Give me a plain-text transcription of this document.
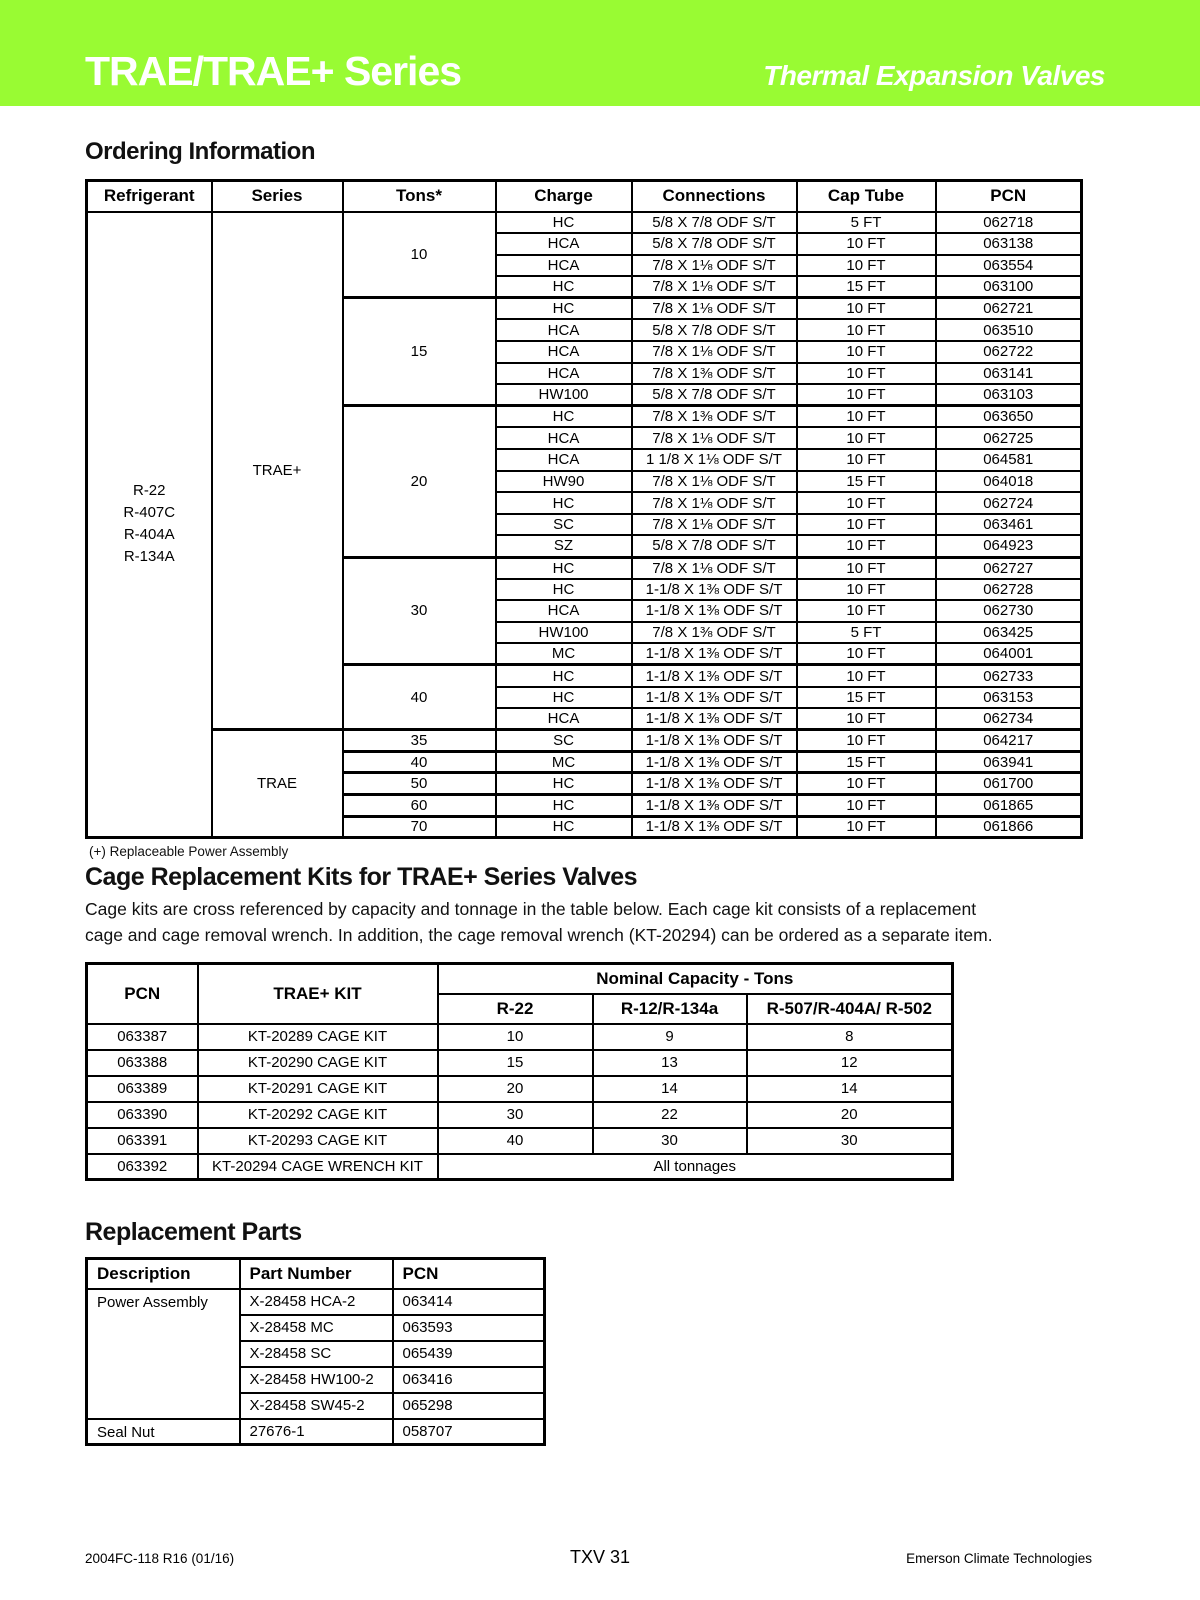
TRAE/TRAE+ Series	Thermal Expansion Valves
Ordering Information
Refrigerant	Series	Tons*	Charge	Connections	Cap Tube	PCN

R-22
R-407C
R-404A
R-134A	TRAE+	10	HC	5/8 X 7/8 ODF S/T	5 FT	062718
			HCA	5/8 X 7/8 ODF S/T	10 FT	063138
			HCA	7/8 X 1⅛ ODF S/T	10 FT	063554
			HC	7/8 X 1⅛ ODF S/T	15 FT	063100
		15	HC	7/8 X 1⅛ ODF S/T	10 FT	062721
			HCA	5/8 X 7/8 ODF S/T	10 FT	063510
			HCA	7/8 X 1⅛ ODF S/T	10 FT	062722
			HCA	7/8 X 1⅜ ODF S/T	10 FT	063141
			HW100	5/8 X 7/8 ODF S/T	10 FT	063103
		20	HC	7/8 X 1⅜ ODF S/T	10 FT	063650
			HCA	7/8 X 1⅛ ODF S/T	10 FT	062725
			HCA	1 1/8 X 1⅛ ODF S/T	10 FT	064581
			HW90	7/8 X 1⅛ ODF S/T	15 FT	064018
			HC	7/8 X 1⅛ ODF S/T	10 FT	062724
			SC	7/8 X 1⅛ ODF S/T	10 FT	063461
			SZ	5/8 X 7/8 ODF S/T	10 FT	064923
		30	HC	7/8 X 1⅛ ODF S/T	10 FT	062727
			HC	1-1/8 X 1⅜ ODF S/T	10 FT	062728
			HCA	1-1/8 X 1⅜ ODF S/T	10 FT	062730
			HW100	7/8 X 1⅜ ODF S/T	5 FT	063425
			MC	1-1/8 X 1⅜ ODF S/T	10 FT	064001
		40	HC	1-1/8 X 1⅜ ODF S/T	10 FT	062733
			HC	1-1/8 X 1⅜ ODF S/T	15 FT	063153
			HCA	1-1/8 X 1⅜ ODF S/T	10 FT	062734
	TRAE	35	SC	1-1/8 X 1⅜ ODF S/T	10 FT	064217
		40	MC	1-1/8 X 1⅜ ODF S/T	15 FT	063941
		50	HC	1-1/8 X 1⅜ ODF S/T	10 FT	061700
		60	HC	1-1/8 X 1⅜ ODF S/T	10 FT	061865
		70	HC	1-1/8 X 1⅜ ODF S/T	10 FT	061866
(+) Replaceable Power Assembly
Cage Replacement Kits for TRAE+ Series Valves
Cage kits are cross referenced by capacity and tonnage in the table below. Each cage kit consists of a replacement
cage and cage removal wrench. In addition, the cage removal wrench (KT-20294) can be ordered as a separate item.
PCN	TRAE+ KIT	Nominal Capacity - Tons		
		R-22	R-12/R-134a	R-507/R-404A/ R-502
063387	KT-20289 CAGE KIT	10	9	8
063388	KT-20290 CAGE KIT	15	13	12
063389	KT-20291 CAGE KIT	20	14	14
063390	KT-20292 CAGE KIT	30	22	20
063391	KT-20293 CAGE KIT	40	30	30
063392	KT-20294 CAGE WRENCH KIT	All tonnages		
Replacement Parts
Description	Part Number	PCN
Power Assembly	X-28458 HCA-2	063414
	X-28458 MC	063593
	X-28458 SC	065439
	X-28458 HW100-2	063416
	X-28458 SW45-2	065298
Seal Nut	27676-1	058707
2004FC-118 R16 (01/16)	TXV 31	Emerson Climate Technologies
